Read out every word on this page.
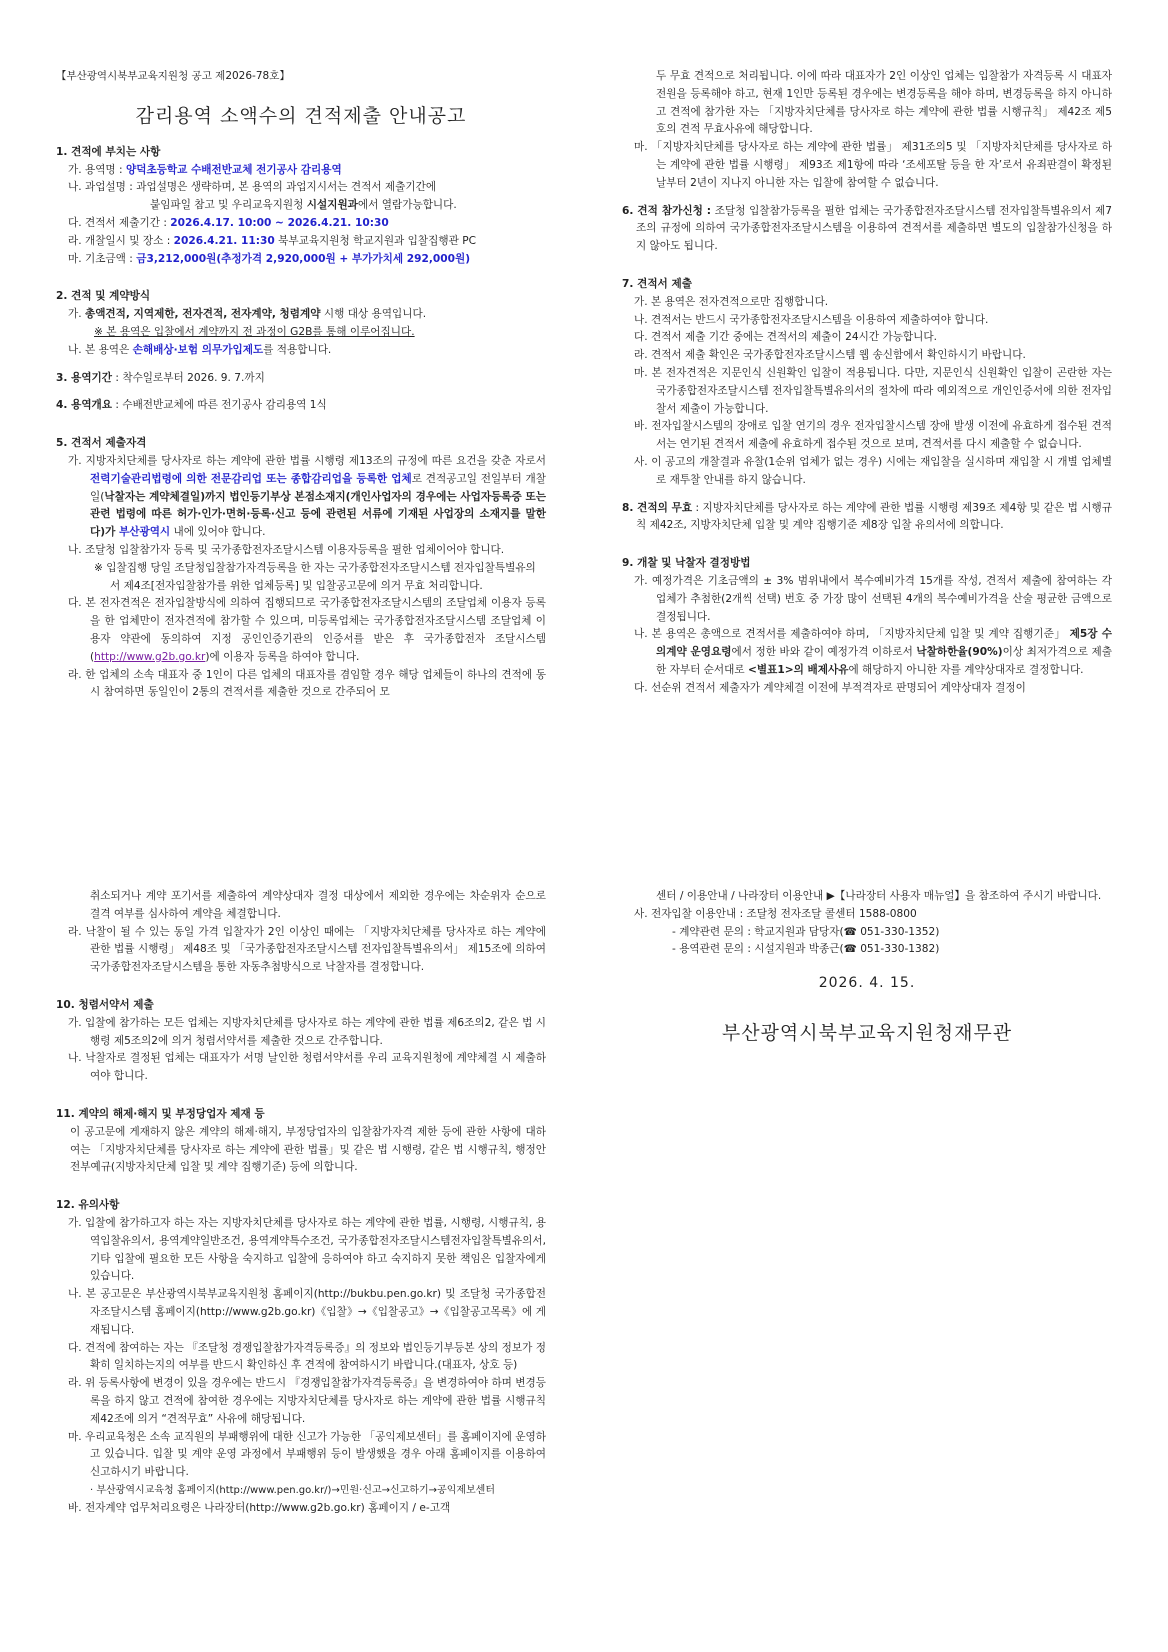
【부산광역시북부교육지원청 공고 제2026-78호】

감리용역 소액수의 견적제출 안내공고

1. 견적에 부치는 사항

가. 용역명 : 양덕초등학교 수배전반교체 전기공사 감리용역

나. 과업설명 : 과업설명은 생략하며, 본 용역의 과업지시서는 견적서 제출기간에

붙임파일 참고 및 우리교육지원청 시설지원과에서 열람가능합니다.

다. 견적서 제출기간 : 2026.4.17. 10:00 ~ 2026.4.21. 10:30

라. 개찰일시 및 장소 : 2026.4.21. 11:30 북부교육지원청 학교지원과 입찰집행관 PC

마. 기초금액 : 금3,212,000원(추정가격 2,920,000원 + 부가가치세 292,000원)

2. 견적 및 계약방식

가. 총액견적, 지역제한, 전자견적, 전자계약, 청렴계약 시행 대상 용역입니다.

※ 본 용역은 입찰에서 계약까지 전 과정이 G2B를 통해 이루어집니다.

나. 본 용역은 손해배상·보험 의무가입제도를 적용합니다.

3. 용역기간 : 착수일로부터 2026. 9. 7.까지

4. 용역개요 : 수배전반교체에 따른 전기공사 감리용역 1식

5. 견적서 제출자격

가. 지방자치단체를 당사자로 하는 계약에 관한 법률 시행령 제13조의 규정에 따른 요건을 갖춘 자로서 전력기술관리법령에 의한 전문감리업 또는 종합감리업을 등록한 업체로 견적공고일 전일부터 개찰일(낙찰자는 계약체결일)까지 법인등기부상 본점소재지(개인사업자의 경우에는 사업자등록증 또는 관련 법령에 따른 허가·인가·면허·등록·신고 등에 관련된 서류에 기재된 사업장의 소재지를 말한다)가 부산광역시 내에 있어야 합니다.

나. 조달청 입찰참가자 등록 및 국가종합전자조달시스템 이용자등록을 필한 업체이어야 합니다.

※ 입찰집행 당일 조달청입찰참가자격등록을 한 자는 국가종합전자조달시스템 전자입찰특별유의서 제4조[전자입찰참가를 위한 업체등록] 및 입찰공고문에 의거 무효 처리합니다.

다. 본 전자견적은 전자입찰방식에 의하여 집행되므로 국가종합전자조달시스템의 조달업체 이용자 등록을 한 업체만이 전자견적에 참가할 수 있으며, 미등록업체는 국가종합전자조달시스템 조달업체 이용자 약관에 동의하여 지정 공인인증기관의 인증서를 받은 후 국가종합전자 조달시스템(http://www.g2b.go.kr)에 이용자 등록을 하여야 합니다.

라. 한 업체의 소속 대표자 중 1인이 다른 업체의 대표자를 겸임할 경우 해당 업체들이 하나의 견적에 동시 참여하면 동일인이 2통의 견적서를 제출한 것으로 간주되어 모

두 무효 견적으로 처리됩니다. 이에 따라 대표자가 2인 이상인 업체는 입찰참가 자격등록 시 대표자 전원을 등록해야 하고, 현재 1인만 등록된 경우에는 변경등록을 해야 하며, 변경등록을 하지 아니하고 견적에 참가한 자는 「지방자치단체를 당사자로 하는 계약에 관한 법률 시행규칙」 제42조 제5호의 견적 무효사유에 해당합니다.

마. 「지방자치단체를 당사자로 하는 계약에 관한 법률」 제31조의5 및 「지방자치단체를 당사자로 하는 계약에 관한 법률 시행령」 제93조 제1항에 따라 ‘조세포탈 등을 한 자’로서 유죄판결이 확정된 날부터 2년이 지나지 아니한 자는 입찰에 참여할 수 없습니다.

6. 견적 참가신청 : 조달청 입찰참가등록을 필한 업체는 국가종합전자조달시스템 전자입찰특별유의서 제7조의 규정에 의하여 국가종합전자조달시스템을 이용하여 견적서를 제출하면 별도의 입찰참가신청을 하지 않아도 됩니다.

7. 견적서 제출

가. 본 용역은 전자견적으로만 집행합니다.

나. 견적서는 반드시 국가종합전자조달시스템을 이용하여 제출하여야 합니다.

다. 견적서 제출 기간 중에는 견적서의 제출이 24시간 가능합니다.

라. 견적서 제출 확인은 국가종합전자조달시스템 웹 송신함에서 확인하시기 바랍니다.

마. 본 전자견적은 지문인식 신원확인 입찰이 적용됩니다. 다만, 지문인식 신원확인 입찰이 곤란한 자는 국가종합전자조달시스템 전자입찰특별유의서의 절차에 따라 예외적으로 개인인증서에 의한 전자입찰서 제출이 가능합니다.

바. 전자입찰시스템의 장애로 입찰 연기의 경우 전자입찰시스템 장애 발생 이전에 유효하게 접수된 견적서는 연기된 견적서 제출에 유효하게 접수된 것으로 보며, 견적서를 다시 제출할 수 없습니다.

사. 이 공고의 개찰결과 유찰(1순위 업체가 없는 경우) 시에는 재입찰을 실시하며 재입찰 시 개별 업체별로 재투찰 안내를 하지 않습니다.

8. 견적의 무효 : 지방자치단체를 당사자로 하는 계약에 관한 법률 시행령 제39조 제4항 및 같은 법 시행규칙 제42조, 지방자치단체 입찰 및 계약 집행기준 제8장 입찰 유의서에 의합니다.

9. 개찰 및 낙찰자 결정방법

가. 예정가격은 기초금액의 ± 3% 범위내에서 복수예비가격 15개를 작성, 견적서 제출에 참여하는 각 업체가 추첨한(2개씩 선택) 번호 중 가장 많이 선택된 4개의 복수예비가격을 산술 평균한 금액으로 결정됩니다.

나. 본 용역은 총액으로 견적서를 제출하여야 하며, 「지방자치단체 입찰 및 계약 집행기준」 제5장 수의계약 운영요령에서 정한 바와 같이 예정가격 이하로서 낙찰하한율(90%)이상 최저가격으로 제출한 자부터 순서대로 <별표1>의 배제사유에 해당하지 아니한 자를 계약상대자로 결정합니다.

다. 선순위 견적서 제출자가 계약체결 이전에 부적격자로 판명되어 계약상대자 결정이

취소되거나 계약 포기서를 제출하여 계약상대자 결정 대상에서 제외한 경우에는 차순위자 순으로 결격 여부를 심사하여 계약을 체결합니다.

라. 낙찰이 될 수 있는 동일 가격 입찰자가 2인 이상인 때에는 「지방자치단체를 당사자로 하는 계약에 관한 법률 시행령」 제48조 및 「국가종합전자조달시스템 전자입찰특별유의서」 제15조에 의하여 국가종합전자조달시스템을 통한 자동추첨방식으로 낙찰자를 결정합니다.

10. 청렴서약서 제출

가. 입찰에 참가하는 모든 업체는 지방자치단체를 당사자로 하는 계약에 관한 법률 제6조의2, 같은 법 시행령 제5조의2에 의거 청렴서약서를 제출한 것으로 간주합니다.

나. 낙찰자로 결정된 업체는 대표자가 서명 날인한 청렴서약서를 우리 교육지원청에 계약체결 시 제출하여야 합니다.

11. 계약의 해제·해지 및 부정당업자 제재 등

이 공고문에 게재하지 않은 계약의 해제·해지, 부정당업자의 입찰참가자격 제한 등에 관한 사항에 대하여는 「지방자치단체를 당사자로 하는 계약에 관한 법률」및 같은 법 시행령, 같은 법 시행규칙, 행정안전부예규(지방자치단체 입찰 및 계약 집행기준) 등에 의합니다.

12. 유의사항

가. 입찰에 참가하고자 하는 자는 지방자치단체를 당사자로 하는 계약에 관한 법률, 시행령, 시행규칙, 용역입찰유의서, 용역계약일반조건, 용역계약특수조건, 국가종합전자조달시스템전자입찰특별유의서, 기타 입찰에 필요한 모든 사항을 숙지하고 입찰에 응하여야 하고 숙지하지 못한 책임은 입찰자에게 있습니다.

나. 본 공고문은 부산광역시북부교육지원청 홈페이지(http://bukbu.pen.go.kr) 및 조달청 국가종합전자조달시스템 홈페이지(http://www.g2b.go.kr)《입찰》→《입찰공고》→《입찰공고목록》에 게재됩니다.

다. 견적에 참여하는 자는 『조달청 경쟁입찰참가자격등록증』의 정보와 법인등기부등본 상의 정보가 정확히 일치하는지의 여부를 반드시 확인하신 후 견적에 참여하시기 바랍니다.(대표자, 상호 등)

라. 위 등록사항에 변경이 있을 경우에는 반드시 『경쟁입찰참가자격등록증』을 변경하여야 하며 변경등록을 하지 않고 견적에 참여한 경우에는 지방자치단체를 당사자로 하는 계약에 관한 법률 시행규칙 제42조에 의거 “견적무효” 사유에 해당됩니다.

마. 우리교육청은 소속 교직원의 부패행위에 대한 신고가 가능한 「공익제보센터」를 홈페이지에 운영하고 있습니다. 입찰 및 계약 운영 과정에서 부패행위 등이 발생했을 경우 아래 홈페이지를 이용하여 신고하시기 바랍니다.

· 부산광역시교육청 홈페이지(http://www.pen.go.kr/)→민원·신고→신고하기→공익제보센터

바. 전자계약 업무처리요령은 나라장터(http://www.g2b.go.kr) 홈페이지 / e-고객

센터 / 이용안내 / 나라장터 이용안내 ▶【나라장터 사용자 매뉴얼】을 참조하여 주시기 바랍니다.

사. 전자입찰 이용안내 : 조달청 전자조달 콜센터 1588-0800

- 계약관련 문의 : 학교지원과 담당자(☎ 051-330-1352)

- 용역관련 문의 : 시설지원과 박종근(☎ 051-330-1382)

2026. 4. 15.

부산광역시북부교육지원청재무관
